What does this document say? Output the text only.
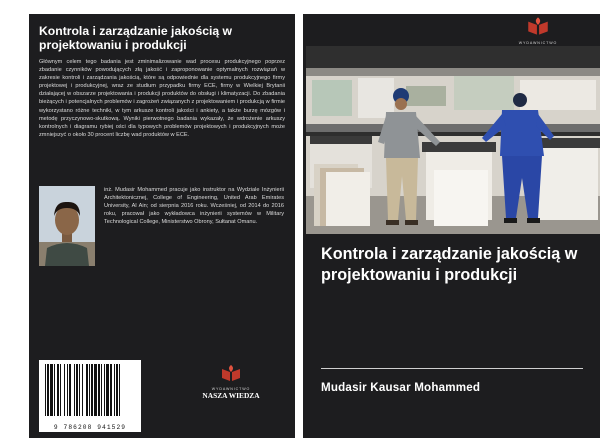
Kontrola i zarządzanie jakością w projektowaniu i produkcji

Głównym celem tego badania jest zminimalizowanie wad procesu produkcyjnego poprzez zbadanie czynników powodujących złą jakość i zaproponowanie optymalnych rozwiązań w zakresie kontroli i zarządzania jakością, które są odpowiednie dla systemu produkcyjnego firmy projektowej i produkcyjnej, wraz ze studium przypadku firmy ECE, firmy w Wielkiej Brytanii działającej w obszarze projektowania i produkcji produktów do obsługi i klimatyzacji. Do zbadania bieżących i potencjalnych problemów i zagrożeń związanych z projektowaniem i produkcją w firmie wykorzystano różne techniki, w tym arkusze kontroli jakości i ankiety, a także burzę mózgów i metodę przyczynowo-skutkową. Wyniki pierwotnego badania wykazały, że wdrożenie arkuszy kontrolnych i diagramu rybiej ości dla typowych problemów projektowych i produkcyjnych może zmniejszyć o około 30 procent liczbę wad produktów w ECE.

inż. Mudasir Mohammed pracuje jako instruktor na Wydziale Inżynierii Architektonicznej, College of Engineering, United Arab Emirates University, Al Ain; od sierpnia 2016 roku. Wcześniej, od 2014 do 2016 roku, pracował jako wykładowca inżynierii systemów w Military Technological College, Ministerstwo Obrony, Sułtanat Omanu.

9 786208 941529
WYDAWNICTWO
NASZA WIEDZA
WYDAWNICTWO
Kontrola i zarządzanie jakością w projektowaniu i produkcji
Mudasir Kausar Mohammed
